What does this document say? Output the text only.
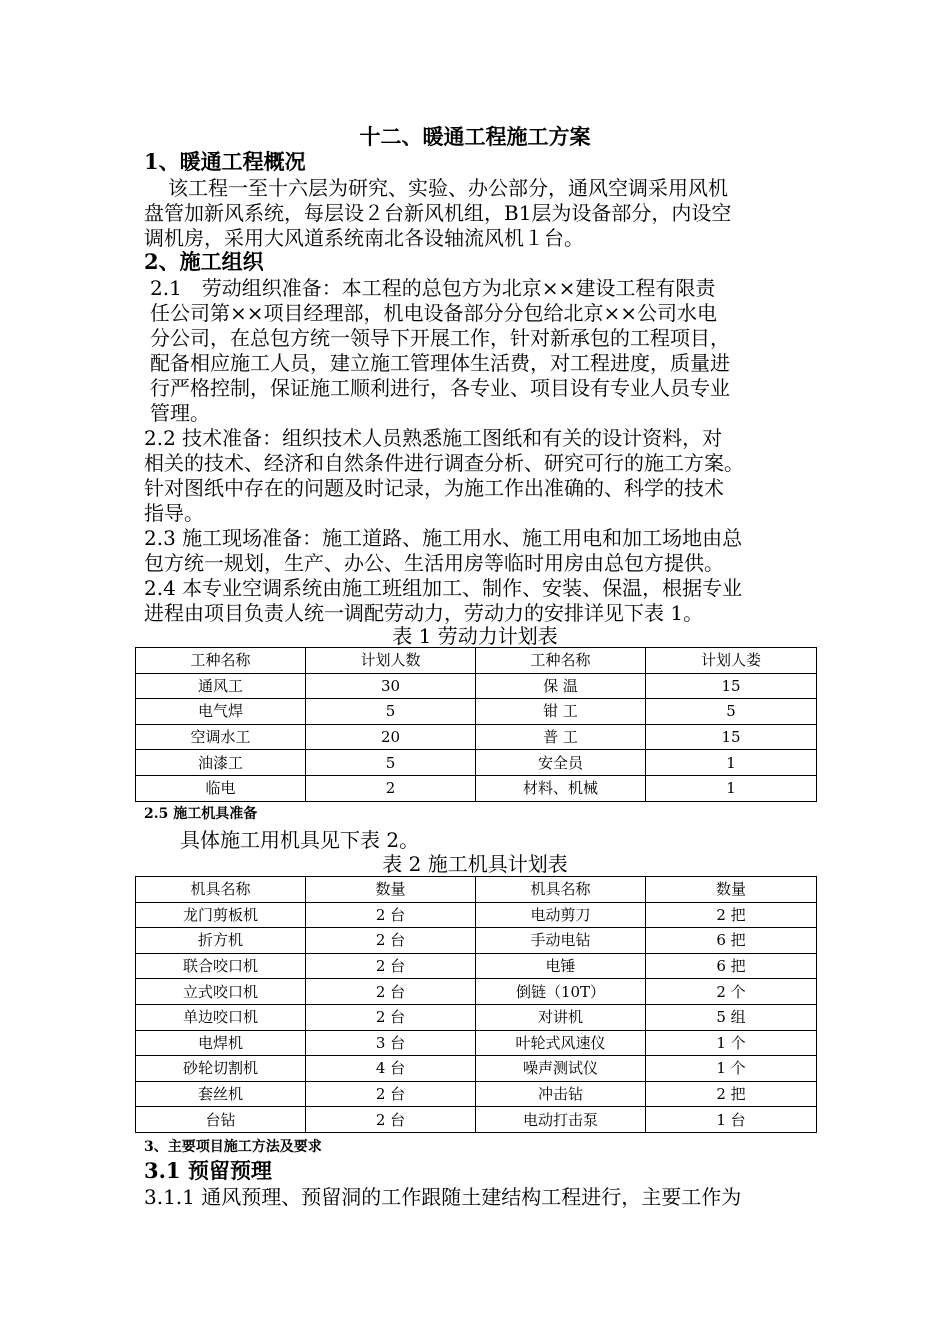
十二、暖通工程施工方案
1、暖通工程概况
该工程一至十六层为研究、实验、办公部分，通风空调采用风机
盘管加新风系统，每层设２台新风机组，B1层为设备部分，内设空
调机房，采用大风道系统南北各设轴流风机１台。
2、施工组织
2.1　劳动组织准备：本工程的总包方为北京××建设工程有限责
任公司第××项目经理部，机电设备部分分包给北京××公司水电
分公司，在总包方统一领导下开展工作，针对新承包的工程项目，
配备相应施工人员，建立施工管理体生活费，对工程进度，质量进
行严格控制，保证施工顺利进行，各专业、项目设有专业人员专业
管理。
2.2 技术准备：组织技术人员熟悉施工图纸和有关的设计资料，对
相关的技术、经济和自然条件进行调查分析、研究可行的施工方案。
针对图纸中存在的问题及时记录，为施工作出准确的、科学的技术
指导。
2.3 施工现场准备：施工道路、施工用水、施工用电和加工场地由总
包方统一规划，生产、办公、生活用房等临时用房由总包方提供。
2.4 本专业空调系统由施工班组加工、制作、安装、保温，根据专业
进程由项目负责人统一调配劳动力，劳动力的安排详见下表 1。
表 1 劳动力计划表
工种名称	计划人数	工种名称	计划人娄
通风工	30	保 温	15
电气焊	5	钳 工	5
空调水工	20	普 工	15
油漆工	5	安全员	1
临电	2	材料、机械	1
2.5 施工机具准备
具体施工用机具见下表 2。
表 2 施工机具计划表
机具名称	数量	机具名称	数量
龙门剪板机	2 台	电动剪刀	2 把
折方机	2 台	手动电钻	6 把
联合咬口机	2 台	电锤	6 把
立式咬口机	2 台	倒链（10T）	2 个
单边咬口机	2 台	对讲机	5 组
电焊机	3 台	叶轮式风速仪	1 个
砂轮切割机	4 台	噪声测试仪	1 个
套丝机	2 台	冲击钻	2 把
台钻	2 台	电动打击泵	1 台
3、主要项目施工方法及要求
3.1 预留预理
3.1.1 通风预理、预留洞的工作跟随土建结构工程进行，主要工作为
